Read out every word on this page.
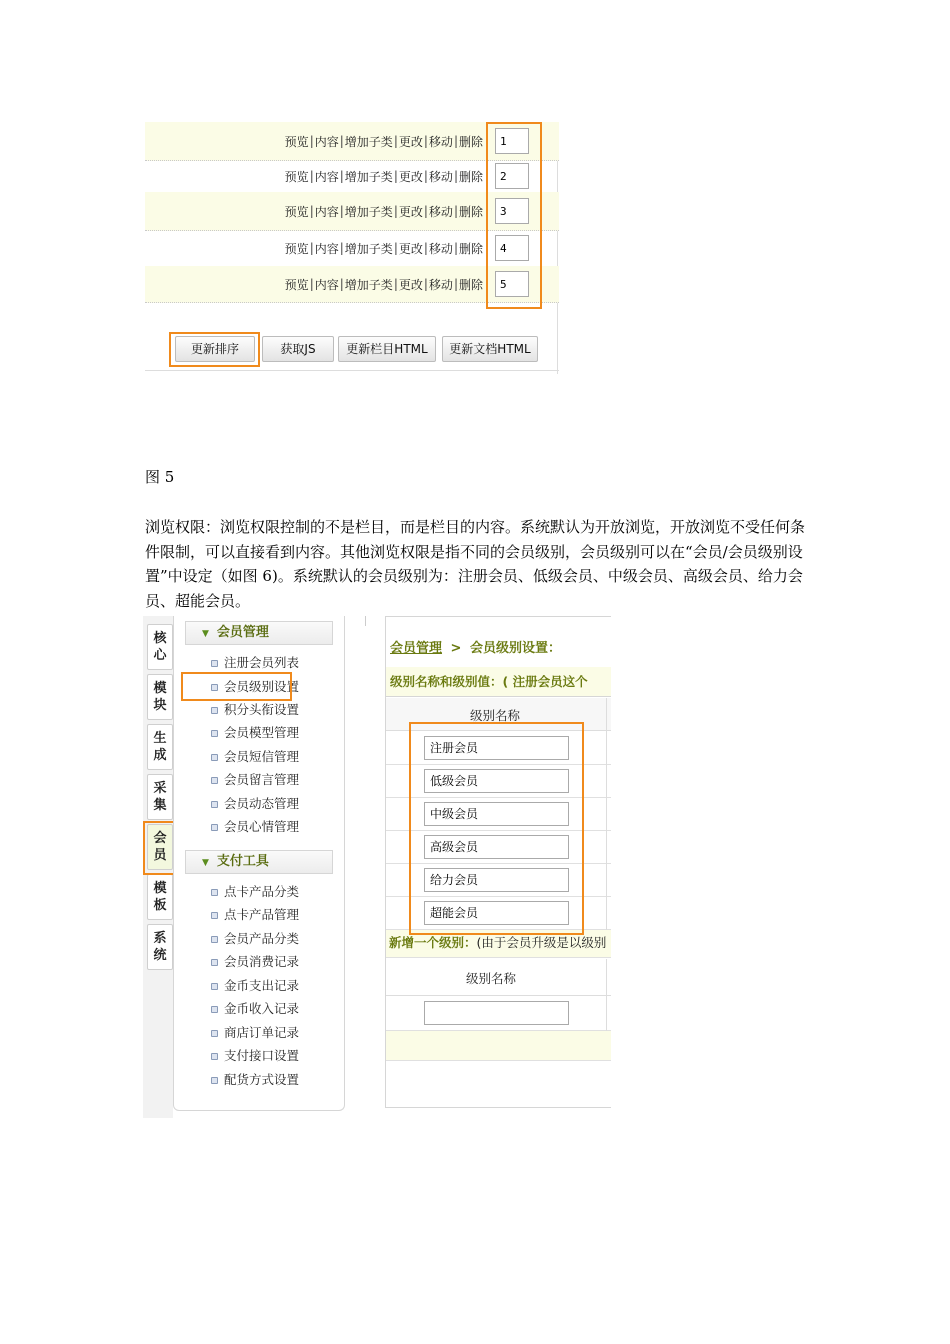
预览 | 内容 | 增加子类 | 更改 | 移动 | 删除	1
预览 | 内容 | 增加子类 | 更改 | 移动 | 删除	2
预览 | 内容 | 增加子类 | 更改 | 移动 | 删除	3
预览 | 内容 | 增加子类 | 更改 | 移动 | 删除	4
预览 | 内容 | 增加子类 | 更改 | 移动 | 删除	5
更新排序	获取JS	更新栏目HTML	更新文档HTML
图 5
浏览权限：浏览权限控制的不是栏目，而是栏目的内容。系统默认为开放浏览，开放浏览不受任何条件限制，可以直接看到内容。其他浏览权限是指不同的会员级别，会员级别可以在“会员/会员级别设置”中设定（如图 6)。系统默认的会员级别为：注册会员、低级会员、中级会员、高级会员、给力会员、超能会员。
核心
模块
生成
采集
会员
模板
系统
▼ 会员管理
注册会员列表
会员级别设置
积分头衔设置
会员模型管理
会员短信管理
会员留言管理
会员动态管理
会员心情管理
▼ 支付工具
点卡产品分类
点卡产品管理
会员产品分类
会员消费记录
金币支出记录
金币收入记录
商店订单记录
支付接口设置
配货方式设置
会员管理 > 会员级别设置：
级别名称和级别值：( 注册会员这个
级别名称
注册会员
低级会员
中级会员
高级会员
给力会员
超能会员
新增一个级别：(由于会员升级是以级别
级别名称
